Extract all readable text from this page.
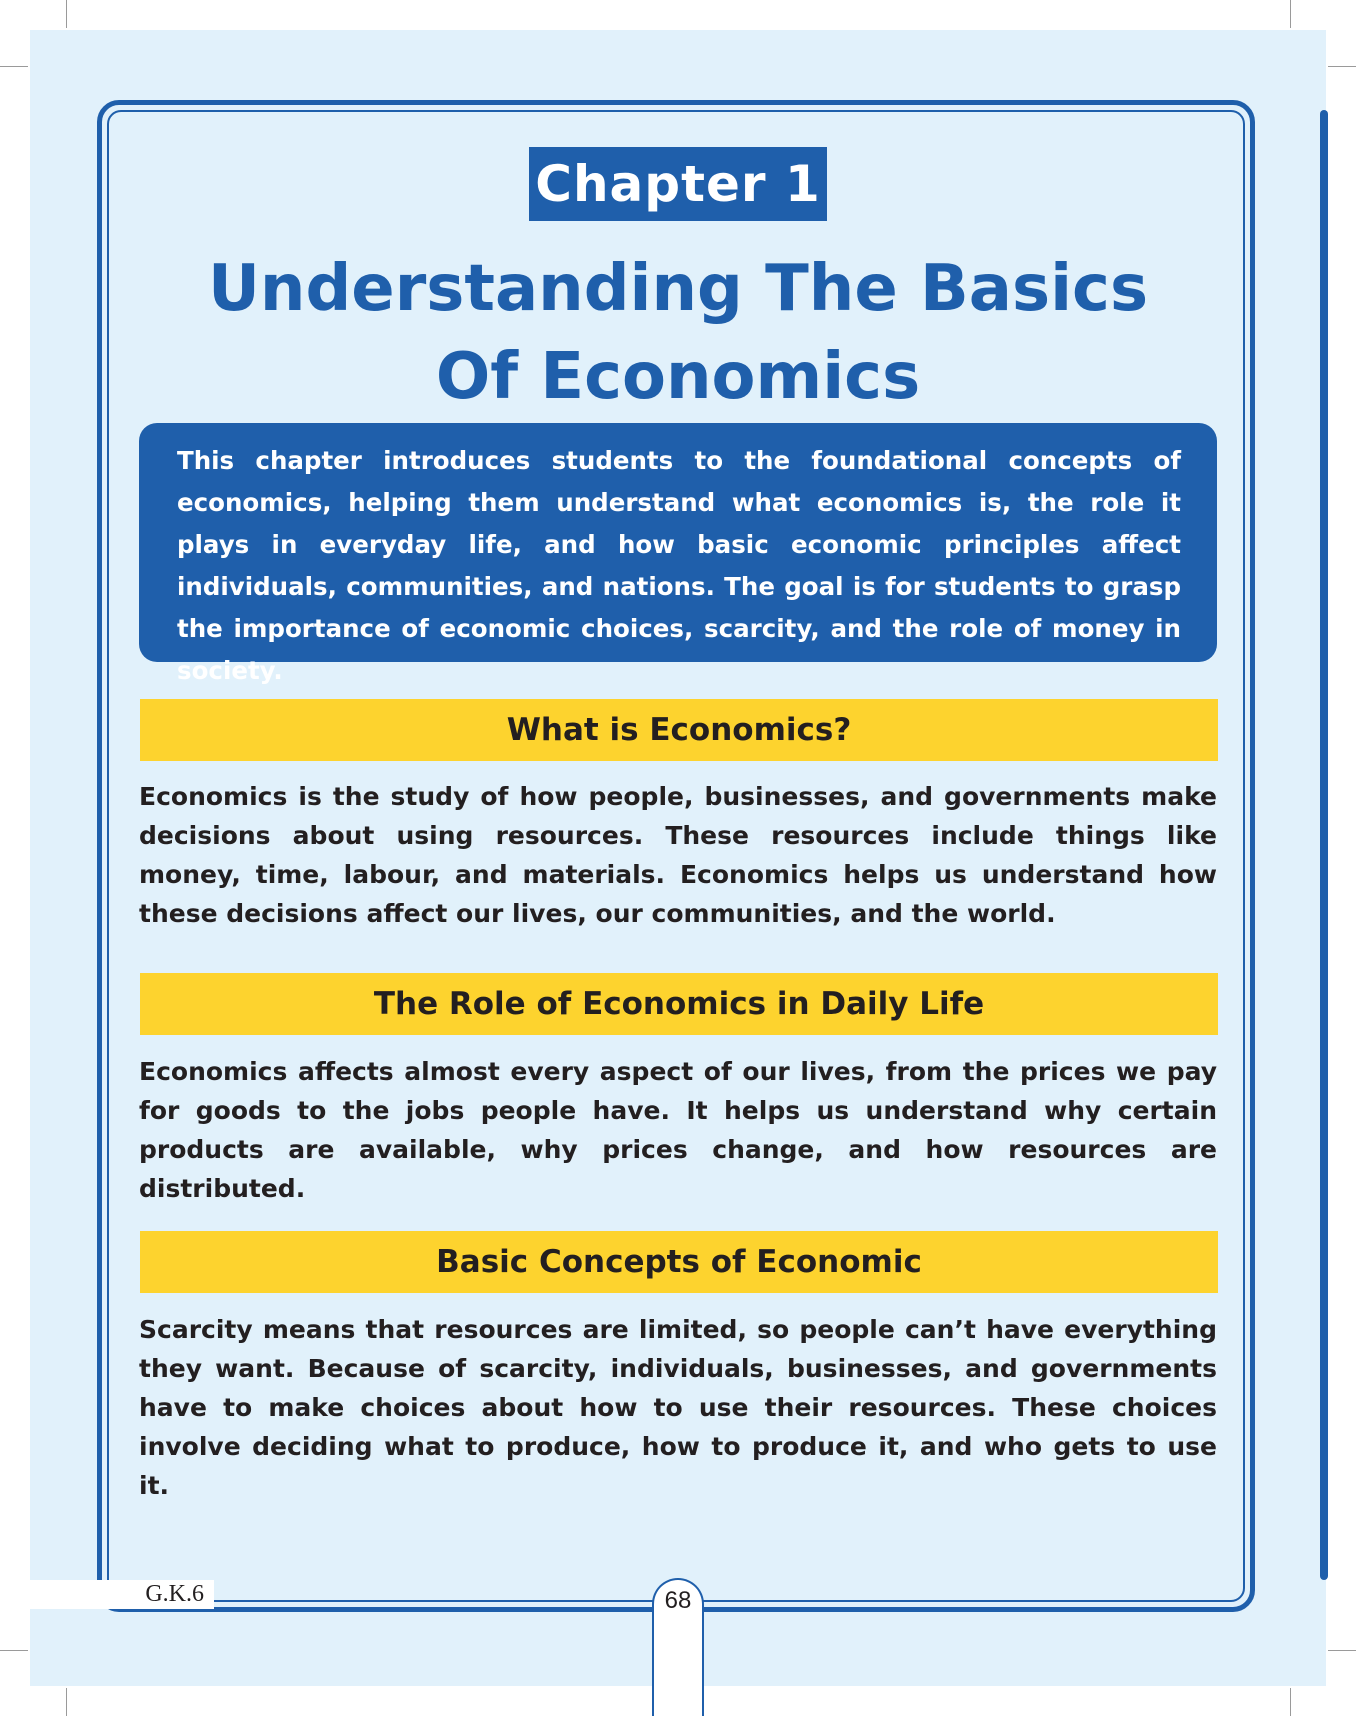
Chapter 1
Understanding The Basics
Of Economics
This chapter introduces students to the foundational concepts of economics, helping them understand what economics is, the role it plays in everyday life, and how basic economic principles affect individuals, communities, and nations. The goal is for students to grasp the importance of economic choices, scarcity, and the role of money in society.
What is Economics?

Economics is the study of how people, businesses, and governments make decisions about using resources. These resources include things like money, time, labour, and materials. Economics helps us understand how these decisions affect our lives, our communities, and the world.

The Role of Economics in Daily Life

Economics affects almost every aspect of our lives, from the prices we pay for goods to the jobs people have. It helps us understand why certain products are available, why prices change, and how resources are distributed.

Basic Concepts of Economic

Scarcity means that resources are limited, so people can’t have everything they want. Because of scarcity, individuals, businesses, and governments have to make choices about how to use their resources. These choices involve deciding what to produce, how to produce it, and who gets to use it.

G.K.6	68
